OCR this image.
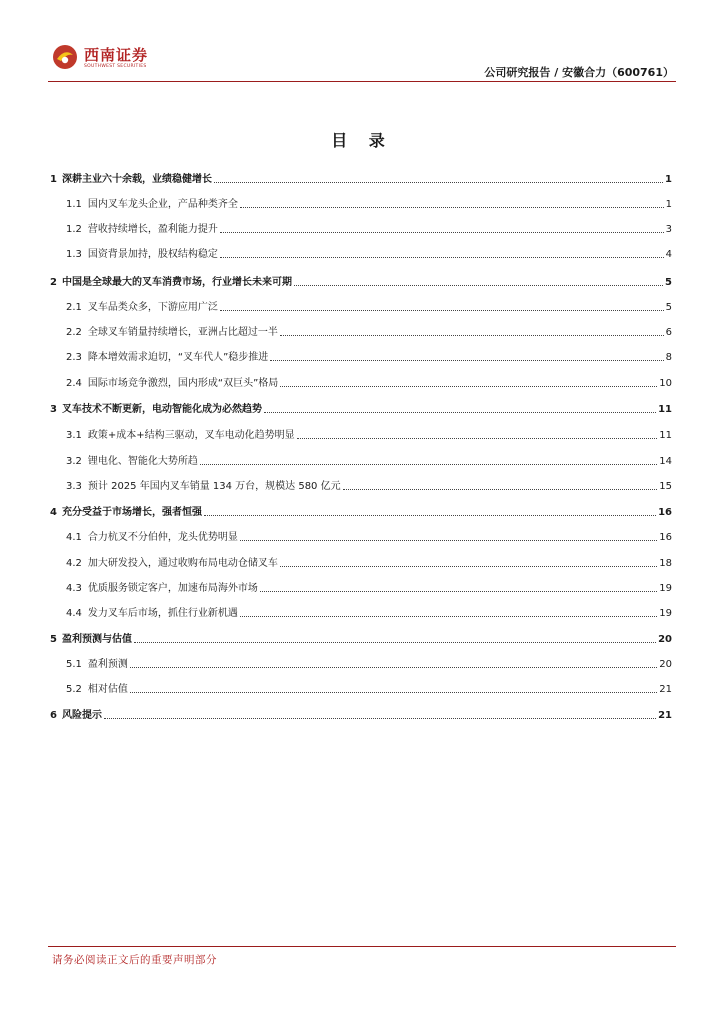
西南证券
SOUTHWEST SECURITIES	公司研究报告 / 安徽合力（600761）
目 录
1 深耕主业六十余载，业绩稳健增长	1
1.1 国内叉车龙头企业，产品种类齐全	1
1.2 营收持续增长，盈利能力提升	3
1.3 国资背景加持，股权结构稳定	4
2 中国是全球最大的叉车消费市场，行业增长未来可期	5
2.1 叉车品类众多，下游应用广泛	5
2.2 全球叉车销量持续增长，亚洲占比超过一半	6
2.3 降本增效需求迫切，“叉车代人”稳步推进	8
2.4 国际市场竞争激烈，国内形成“双巨头”格局	10
3 叉车技术不断更新，电动智能化成为必然趋势	11
3.1 政策+成本+结构三驱动，叉车电动化趋势明显	11
3.2 锂电化、智能化大势所趋	14
3.3 预计 2025 年国内叉车销量 134 万台，规模达 580 亿元	15
4 充分受益于市场增长，强者恒强	16
4.1 合力杭叉不分伯仲，龙头优势明显	16
4.2 加大研发投入，通过收购布局电动仓储叉车	18
4.3 优质服务锁定客户，加速布局海外市场	19
4.4 发力叉车后市场，抓住行业新机遇	19
5 盈利预测与估值	20
5.1 盈利预测	20
5.2 相对估值	21
6 风险提示	21
请务必阅读正文后的重要声明部分
